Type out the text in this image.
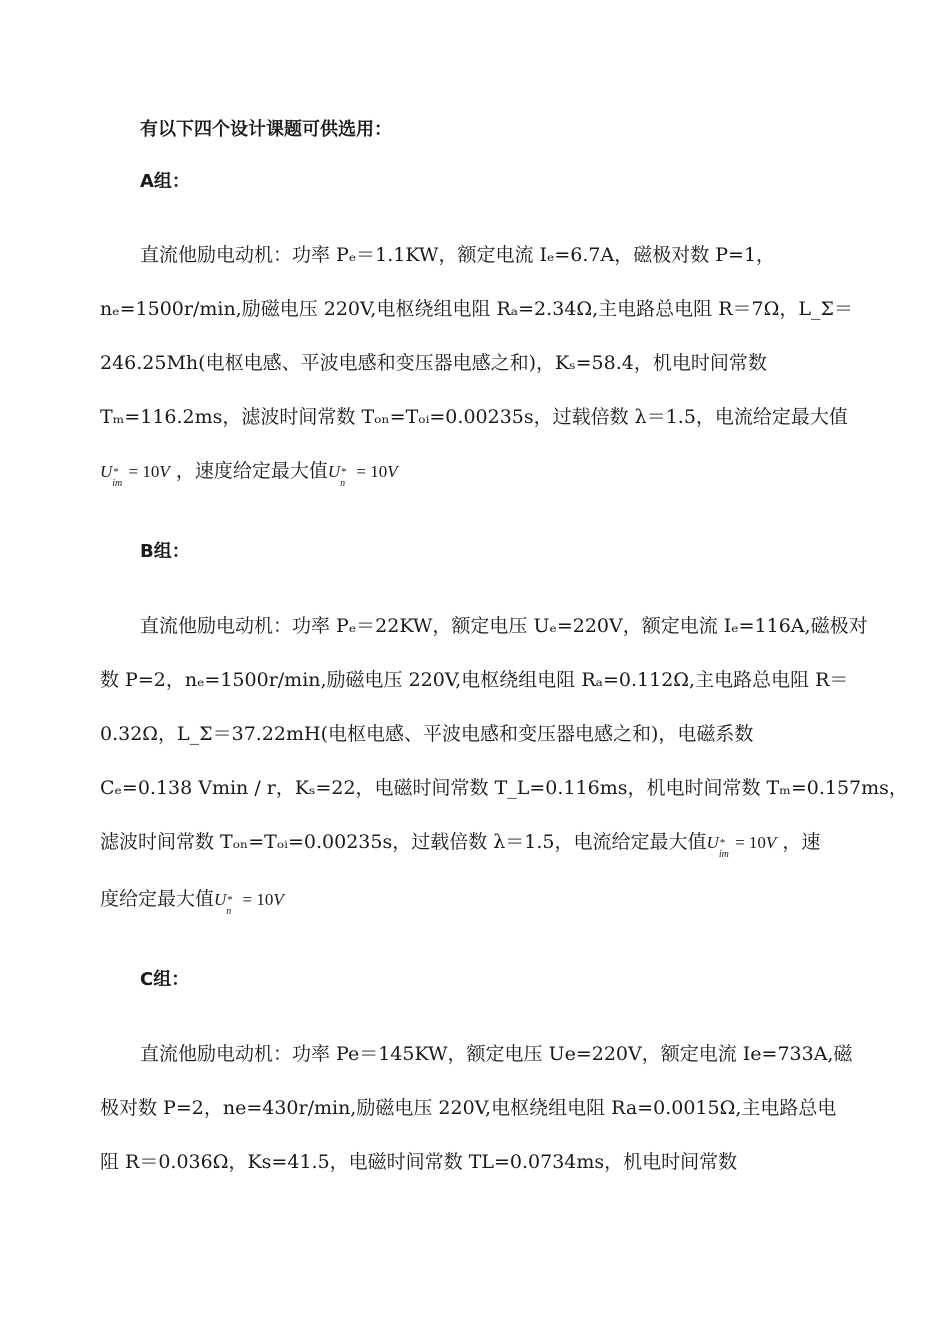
有以下四个设计课题可供选用：
A组：
直流他励电动机：功率 Pₑ＝1.1KW，额定电流 Iₑ=6.7A，磁极对数 P=1，
nₑ=1500r/min,励磁电压 220V,电枢绕组电阻 Rₐ=2.34Ω,主电路总电阻 R＝7Ω，L_Σ＝
246.25Mh(电枢电感、平波电感和变压器电感之和)，Kₛ=58.4，机电时间常数
Tₘ=116.2ms，滤波时间常数 Tₒₙ=Tₒᵢ=0.00235s，过载倍数 λ＝1.5，电流给定最大值
U *
im
= 10V ，速度给定最大值U *
n
= 10V
B组：
直流他励电动机：功率 Pₑ＝22KW，额定电压 Uₑ=220V，额定电流 Iₑ=116A,磁极对
数 P=2，nₑ=1500r/min,励磁电压 220V,电枢绕组电阻 Rₐ=0.112Ω,主电路总电阻 R＝
0.32Ω，L_Σ＝37.22mH(电枢电感、平波电感和变压器电感之和)，电磁系数
Cₑ=0.138 Vmin / r，Kₛ=22，电磁时间常数 T_L=0.116ms，机电时间常数 Tₘ=0.157ms，
滤波时间常数 Tₒₙ=Tₒᵢ=0.00235s，过载倍数 λ＝1.5，电流给定最大值U *
im
= 10V ，速
度给定最大值U *
n
= 10V
C组：
直流他励电动机：功率 Pe＝145KW，额定电压 Ue=220V，额定电流 Ie=733A,磁
极对数 P=2，ne=430r/min,励磁电压 220V,电枢绕组电阻 Ra=0.0015Ω,主电路总电
阻 R＝0.036Ω，Ks=41.5，电磁时间常数 TL=0.0734ms，机电时间常数
